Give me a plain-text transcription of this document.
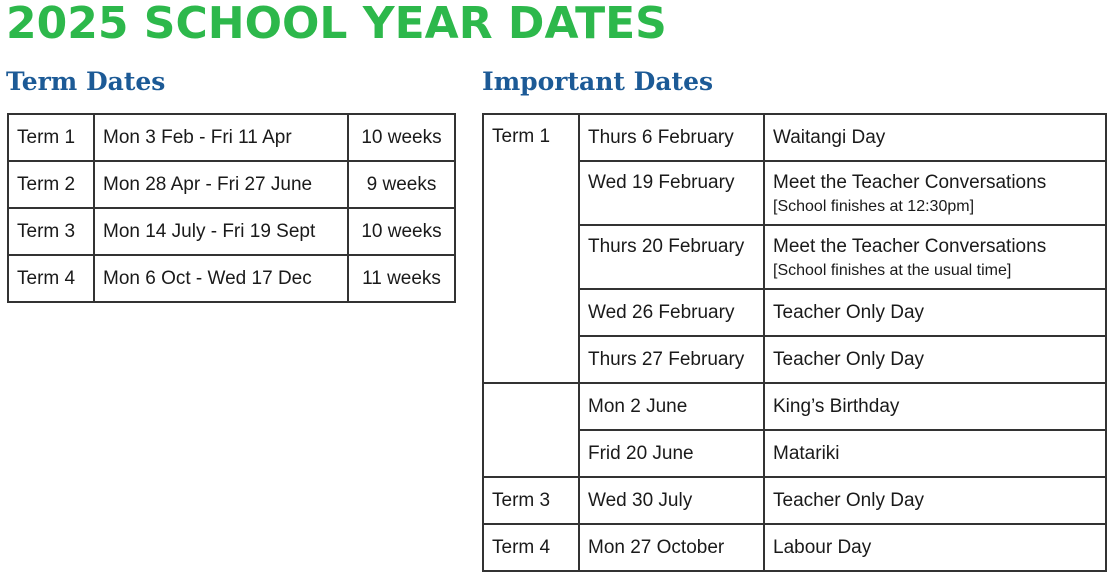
2025 SCHOOL YEAR DATES
Term Dates	Important Dates
Term 1	Mon 3 Feb - Fri 11 Apr	10 weeks
Term 2	Mon 28 Apr - Fri 27 June	9 weeks
Term 3	Mon 14 July - Fri 19 Sept	10 weeks
Term 4	Mon 6 Oct - Wed 17 Dec	11 weeks
Term 1	Thurs 6 February	Waitangi Day
	Wed 19 February	Meet the Teacher Conversations
[School finishes at 12:30pm]

	Thurs 20 February	Meet the Teacher Conversations
[School finishes at the usual time]

	Wed 26 February	Teacher Only Day
	Thurs 27 February	Teacher Only Day
	Mon 2 June	King’s Birthday
	Frid 20 June	Matariki
Term 3	Wed 30 July	Teacher Only Day
Term 4	Mon 27 October	Labour Day
